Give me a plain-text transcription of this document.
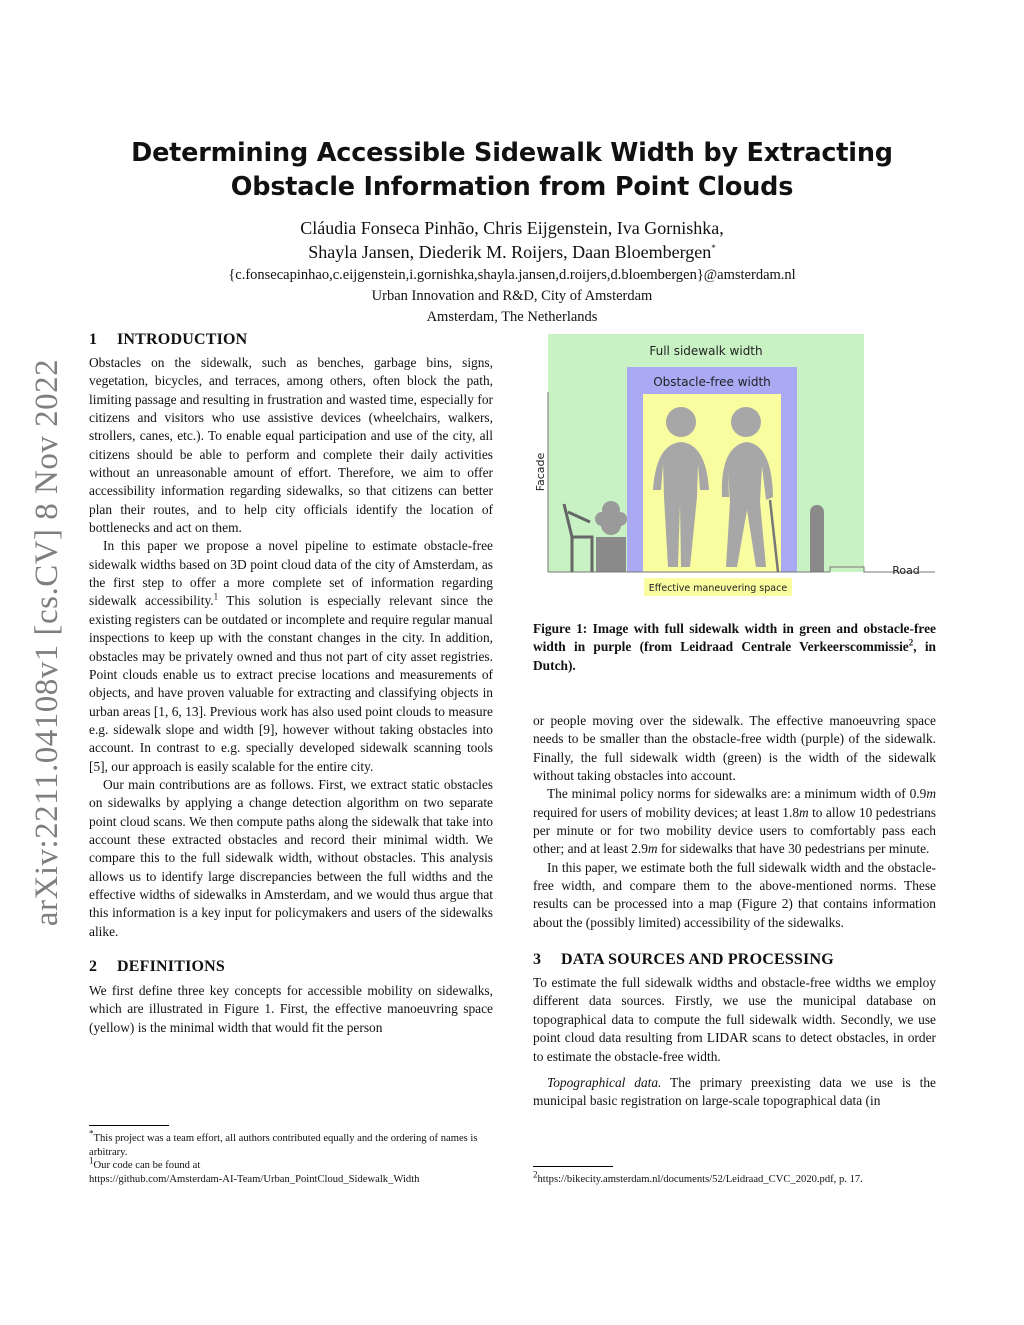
arXiv:2211.04108v1 [cs.CV] 8 Nov 2022
Determining Accessible Sidewalk Width by Extracting Obstacle Information from Point Clouds
Cláudia Fonseca Pinhão, Chris Eijgenstein, Iva Gornishka,
Shayla Jansen, Diederik M. Roijers, Daan Bloembergen*
{c.fonsecapinhao,c.eijgenstein,i.gornishka,shayla.jansen,d.roijers,d.bloembergen}@amsterdam.nl
Urban Innovation and R&D, City of Amsterdam
Amsterdam, The Netherlands
1 INTRODUCTION

Obstacles on the sidewalk, such as benches, garbage bins, signs, vegetation, bicycles, and terraces, among others, often block the path, limiting passage and resulting in frustration and wasted time, especially for citizens and visitors who use assistive devices (wheelchairs, walkers, strollers, canes, etc.). To enable equal participation and use of the city, all citizens should be able to perform and complete their daily activities without an unreasonable amount of effort. Therefore, we aim to offer accessibility information regarding sidewalks, so that citizens can better plan their routes, and to help city officials identify the location of bottlenecks and act on them.

In this paper we propose a novel pipeline to estimate obstacle-free sidewalk widths based on 3D point cloud data of the city of Amsterdam, as the first step to offer a more complete set of information regarding sidewalk accessibility.$^1$ This solution is especially relevant since the existing registers can be outdated or incomplete and require regular manual inspections to keep up with the constant changes in the city. In addition, obstacles may be privately owned and thus not part of city asset registries. Point clouds enable us to extract precise locations and measurements of objects, and have proven valuable for extracting and classifying objects in urban areas [1, 6, 13]. Previous work has also used point clouds to measure e.g. sidewalk slope and width [9], however without taking obstacles into account. In contrast to e.g. specially developed sidewalk scanning tools [5], our approach is easily scalable for the entire city.

Our main contributions are as follows. First, we extract static obstacles on sidewalks by applying a change detection algorithm on two separate point cloud scans. We then compute paths along the sidewalk that take into account these extracted obstacles and record their minimal width. We compare this to the full sidewalk width, without obstacles. This analysis allows us to identify large discrepancies between the full widths and the effective widths of sidewalks in Amsterdam, and we would thus argue that this information is a key input for policymakers and users of the sidewalks alike.

2 DEFINITIONS

We first define three key concepts for accessible mobility on sidewalks, which are illustrated in Figure 1. First, the effective manoeuvring space (yellow) is the minimal width that would fit the person

*This project was a team effort, all authors contributed equally and the ordering of names is arbitrary.
$^1$Our code can be found at
https://github.com/Amsterdam-AI-Team/Urban_PointCloud_Sidewalk_Width
Full sidewalk width
Obstacle-free width
Facade
Road
Effective maneuvering space
Figure 1: Image with full sidewalk width in green and obstacle-free width in purple (from Leidraad Centrale Verkeerscommissie$^2$, in Dutch).

or people moving over the sidewalk. The effective manoeuvring space needs to be smaller than the obstacle-free width (purple) of the sidewalk. Finally, the full sidewalk width (green) is the width of the sidewalk without taking obstacles into account.

The minimal policy norms for sidewalks are: a minimum width of 0.9m required for users of mobility devices; at least 1.8m to allow 10 pedestrians per minute or for two mobility device users to comfortably pass each other; and at least 2.9m for sidewalks that have 30 pedestrians per minute.

In this paper, we estimate both the full sidewalk width and the obstacle-free width, and compare them to the above-mentioned norms. These results can be processed into a map (Figure 2) that contains information about the (possibly limited) accessibility of the sidewalks.

3 DATA SOURCES AND PROCESSING

To estimate the full sidewalk widths and obstacle-free widths we employ different data sources. Firstly, we use the municipal database on topographical data to compute the full sidewalk width. Secondly, we use point cloud data resulting from LIDAR scans to detect obstacles, in order to estimate the obstacle-free width.

Topographical data. The primary preexisting data we use is the municipal basic registration on large-scale topographical data (in

$^2$https://bikecity.amsterdam.nl/documents/52/Leidraad_CVC_2020.pdf, p. 17.
